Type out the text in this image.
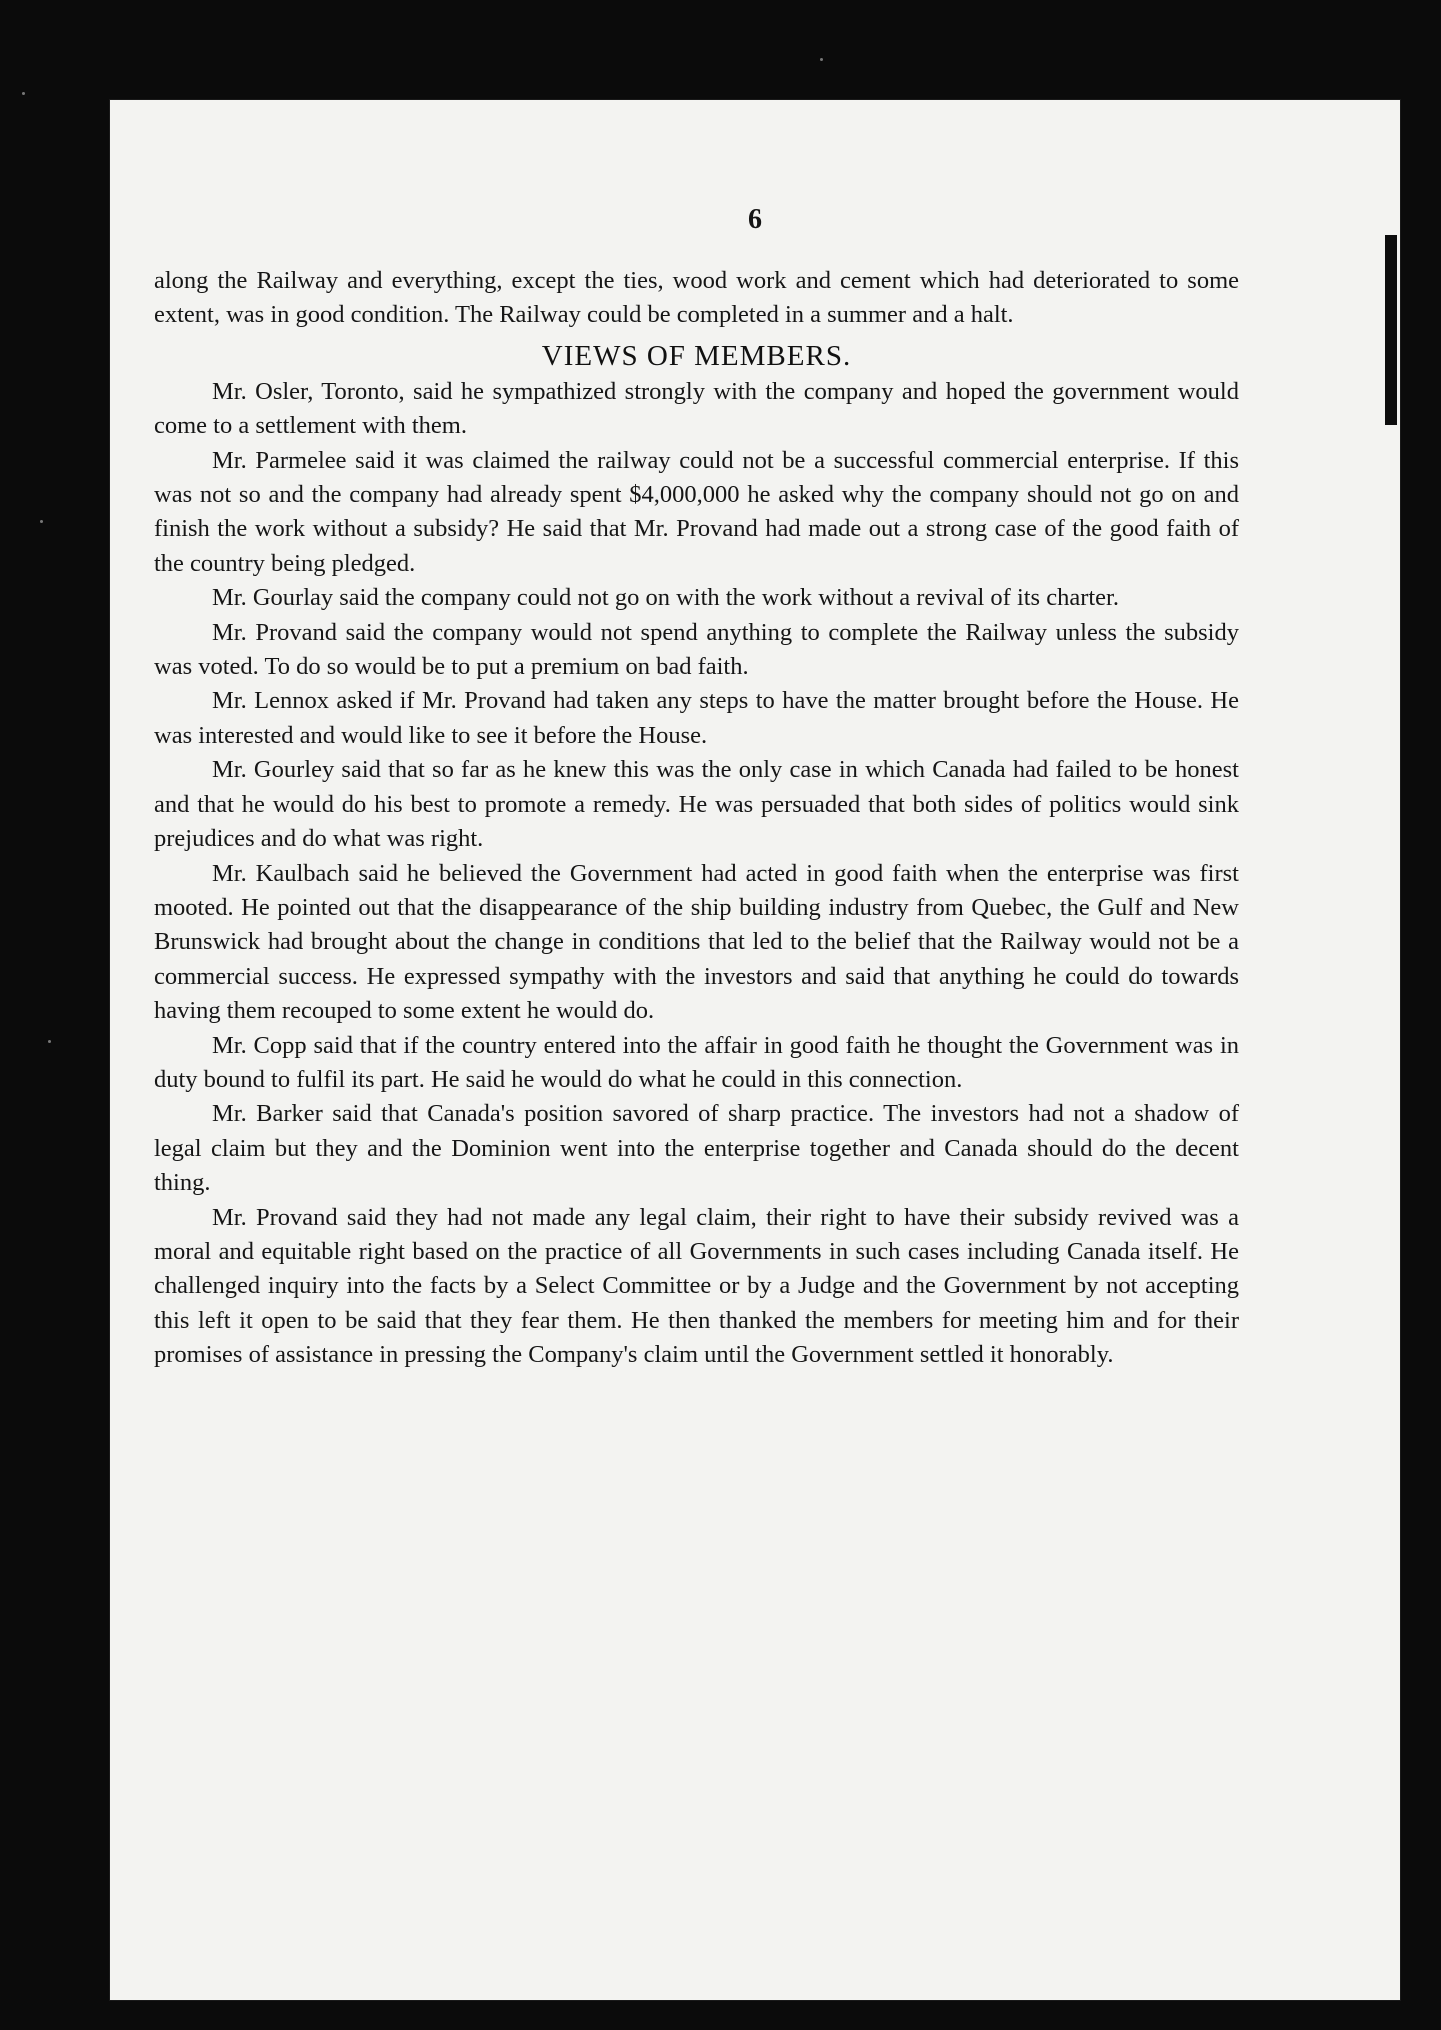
6

along the Railway and everything, except the ties, wood work and cement which had deteriorated to some extent, was in good condition. The Railway could be completed in a summer and a halt.

VIEWS OF MEMBERS.

Mr. Osler, Toronto, said he sympathized strongly with the company and hoped the government would come to a settlement with them.

Mr. Parmelee said it was claimed the railway could not be a successful commercial enterprise. If this was not so and the company had already spent $4,000,000 he asked why the company should not go on and finish the work without a subsidy? He said that Mr. Provand had made out a strong case of the good faith of the country being pledged.

Mr. Gourlay said the company could not go on with the work without a revival of its charter.

Mr. Provand said the company would not spend anything to complete the Railway unless the subsidy was voted. To do so would be to put a premium on bad faith.

Mr. Lennox asked if Mr. Provand had taken any steps to have the matter brought before the House. He was interested and would like to see it before the House.

Mr. Gourley said that so far as he knew this was the only case in which Canada had failed to be honest and that he would do his best to promote a remedy. He was persuaded that both sides of politics would sink prejudices and do what was right.

Mr. Kaulbach said he believed the Government had acted in good faith when the enterprise was first mooted. He pointed out that the disappearance of the ship building industry from Quebec, the Gulf and New Brunswick had brought about the change in conditions that led to the belief that the Railway would not be a commercial success. He expressed sympathy with the investors and said that anything he could do towards having them recouped to some extent he would do.

Mr. Copp said that if the country entered into the affair in good faith he thought the Government was in duty bound to fulfil its part. He said he would do what he could in this connection.

Mr. Barker said that Canada's position savored of sharp practice. The investors had not a shadow of legal claim but they and the Dominion went into the enterprise together and Canada should do the decent thing.

Mr. Provand said they had not made any legal claim, their right to have their subsidy revived was a moral and equitable right based on the practice of all Governments in such cases including Canada itself. He challenged inquiry into the facts by a Select Committee or by a Judge and the Government by not accepting this left it open to be said that they fear them. He then thanked the members for meeting him and for their promises of assistance in pressing the Company's claim until the Government settled it honorably.
